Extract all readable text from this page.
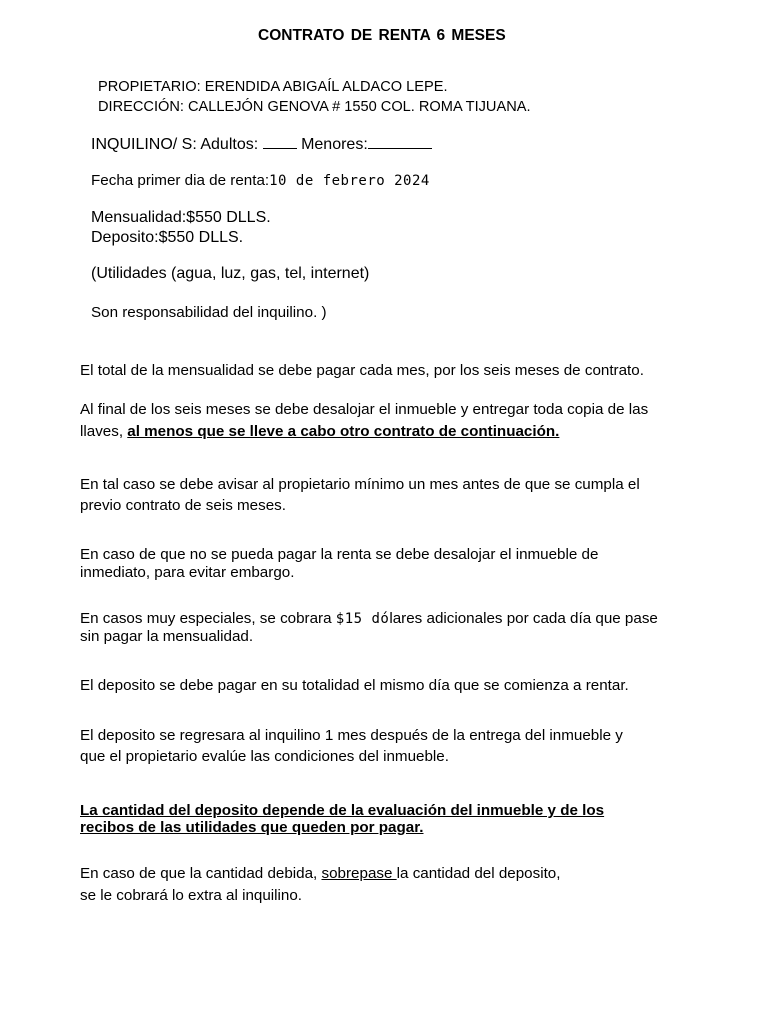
CONTRATO DE RENTA 6 MESES
PROPIETARIO: ERENDIDA ABIGAÍL ALDACO LEPE.
DIRECCIÓN: CALLEJÓN GENOVA # 1550 COL. ROMA TIJUANA.
INQUILINO/ S: Adultos:	Menores:
Fecha primer dia de renta:10 de febrero 2024
Mensualidad:$550 DLLS.
Deposito:$550 DLLS.
(Utilidades (agua, luz, gas, tel, internet)
Son responsabilidad del inquilino. )
El total de la mensualidad se debe pagar cada mes, por los seis meses de contrato.
Al final de los seis meses se debe desalojar el inmueble y entregar toda copia de las
llaves, al menos que se lleve a cabo otro contrato de continuación.
En tal caso se debe avisar al propietario mínimo un mes antes de que se cumpla el
previo contrato de seis meses.
En caso de que no se pueda pagar la renta se debe desalojar el inmueble de
inmediato, para evitar embargo.
En casos muy especiales, se cobrara $15 dólares adicionales por cada día que pase
sin pagar la mensualidad.
El deposito se debe pagar en su totalidad el mismo día que se comienza a rentar.
El deposito se regresara al inquilino 1 mes después de la entrega del inmueble y
que el propietario evalúe las condiciones del inmueble.
La cantidad del deposito depende de la evaluación del inmueble y de los
recibos de las utilidades que queden por pagar.
En caso de que la cantidad debida, sobrepase la cantidad del deposito,
se le cobrará lo extra al inquilino.
